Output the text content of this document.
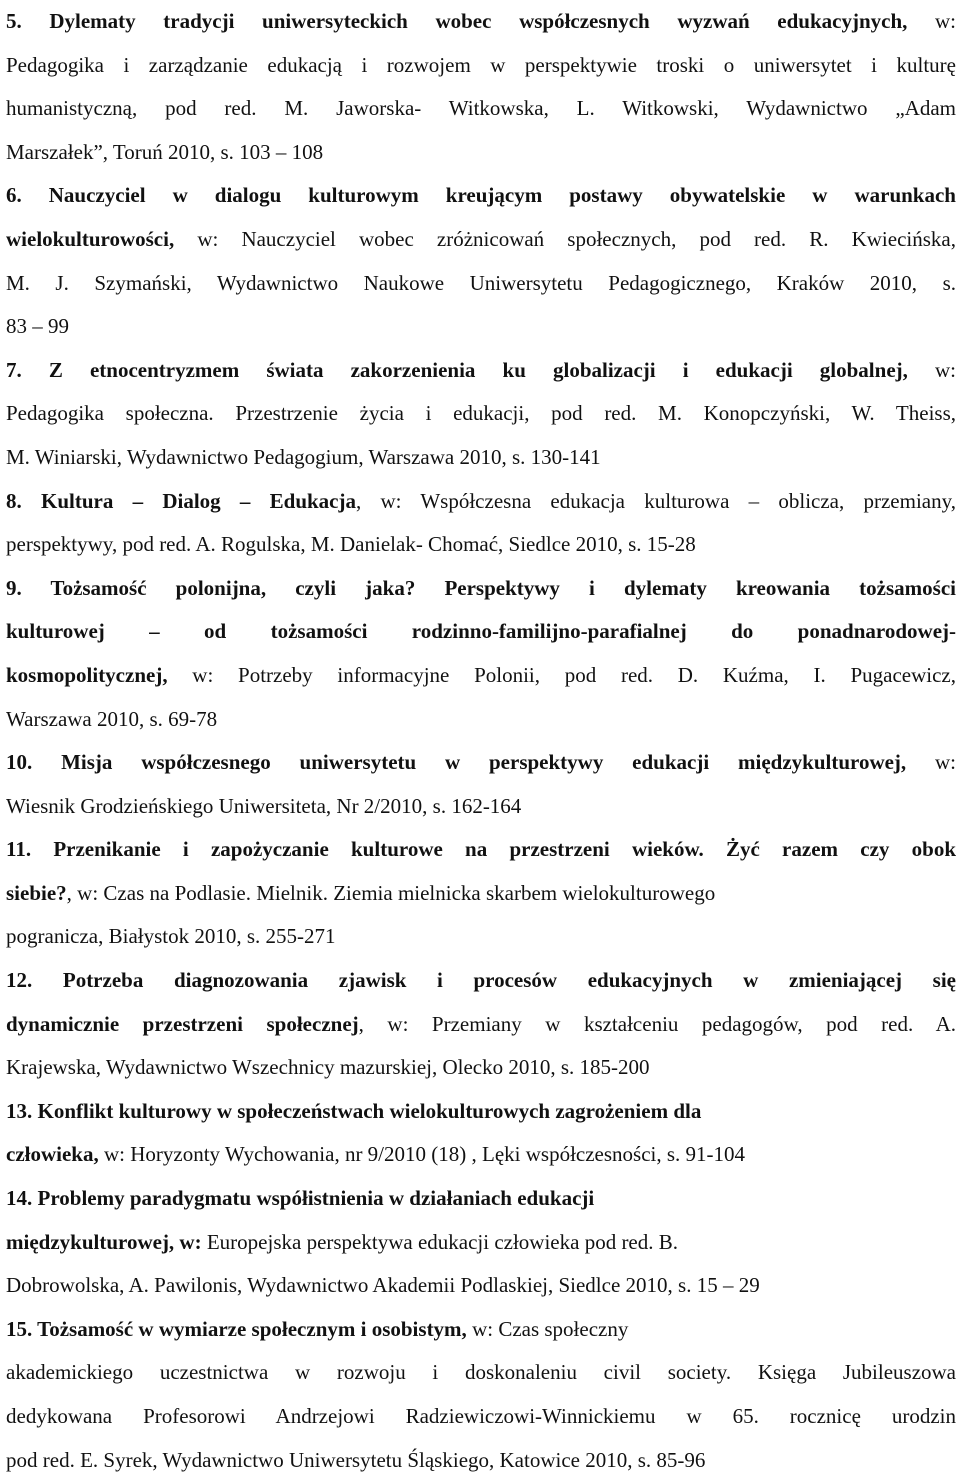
5. Dylematy tradycji uniwersyteckich wobec współczesnych wyzwań edukacyjnych, w:
Pedagogika i zarządzanie edukacją i rozwojem w perspektywie troski o uniwersytet i kulturę
humanistyczną, pod red. M. Jaworska- Witkowska, L. Witkowski, Wydawnictwo „Adam
Marszałek”, Toruń 2010, s. 103 – 108
6. Nauczyciel w dialogu kulturowym kreującym postawy obywatelskie w warunkach
wielokulturowości, w: Nauczyciel wobec zróżnicowań społecznych, pod red. R. Kwiecińska,
M. J. Szymański, Wydawnictwo Naukowe Uniwersytetu Pedagogicznego, Kraków 2010, s.
83 – 99
7. Z etnocentryzmem świata zakorzenienia ku globalizacji i edukacji globalnej, w:
Pedagogika społeczna. Przestrzenie życia i edukacji, pod red. M. Konopczyński, W. Theiss,
M. Winiarski, Wydawnictwo Pedagogium, Warszawa 2010, s. 130-141
8. Kultura – Dialog – Edukacja, w: Współczesna edukacja kulturowa – oblicza, przemiany,
perspektywy, pod red. A. Rogulska, M. Danielak- Chomać, Siedlce 2010, s. 15-28
9. Tożsamość polonijna, czyli jaka? Perspektywy i dylematy kreowania tożsamości
kulturowej – od tożsamości rodzinno-familijno-parafialnej do ponadnarodowej-
kosmopolitycznej, w: Potrzeby informacyjne Polonii, pod red. D. Kuźma, I. Pugacewicz,
Warszawa 2010, s. 69-78
10. Misja współczesnego uniwersytetu w perspektywy edukacji międzykulturowej, w:
Wiesnik Grodzieńskiego Uniwersiteta, Nr 2/2010, s. 162-164
11. Przenikanie i zapożyczanie kulturowe na przestrzeni wieków. Żyć razem czy obok
siebie?, w: Czas na Podlasie. Mielnik. Ziemia mielnicka skarbem wielokulturowego
pogranicza, Białystok 2010, s. 255-271
12. Potrzeba diagnozowania zjawisk i procesów edukacyjnych w zmieniającej się
dynamicznie przestrzeni społecznej, w: Przemiany w kształceniu pedagogów, pod red. A.
Krajewska, Wydawnictwo Wszechnicy mazurskiej, Olecko 2010, s. 185-200
13. Konflikt kulturowy w społeczeństwach wielokulturowych zagrożeniem dla
człowieka, w: Horyzonty Wychowania, nr 9/2010 (18) , Lęki współczesności, s. 91-104
14. Problemy paradygmatu współistnienia w działaniach edukacji
międzykulturowej, w: Europejska perspektywa edukacji człowieka pod red. B.
Dobrowolska, A. Pawilonis, Wydawnictwo Akademii Podlaskiej, Siedlce 2010, s. 15 – 29
15. Tożsamość w wymiarze społecznym i osobistym, w: Czas społeczny
akademickiego uczestnictwa w rozwoju i doskonaleniu civil society. Księga Jubileuszowa
dedykowana Profesorowi Andrzejowi Radziewiczowi-Winnickiemu w 65. rocznicę urodzin
pod red. E. Syrek, Wydawnictwo Uniwersytetu Śląskiego, Katowice 2010, s. 85-96
